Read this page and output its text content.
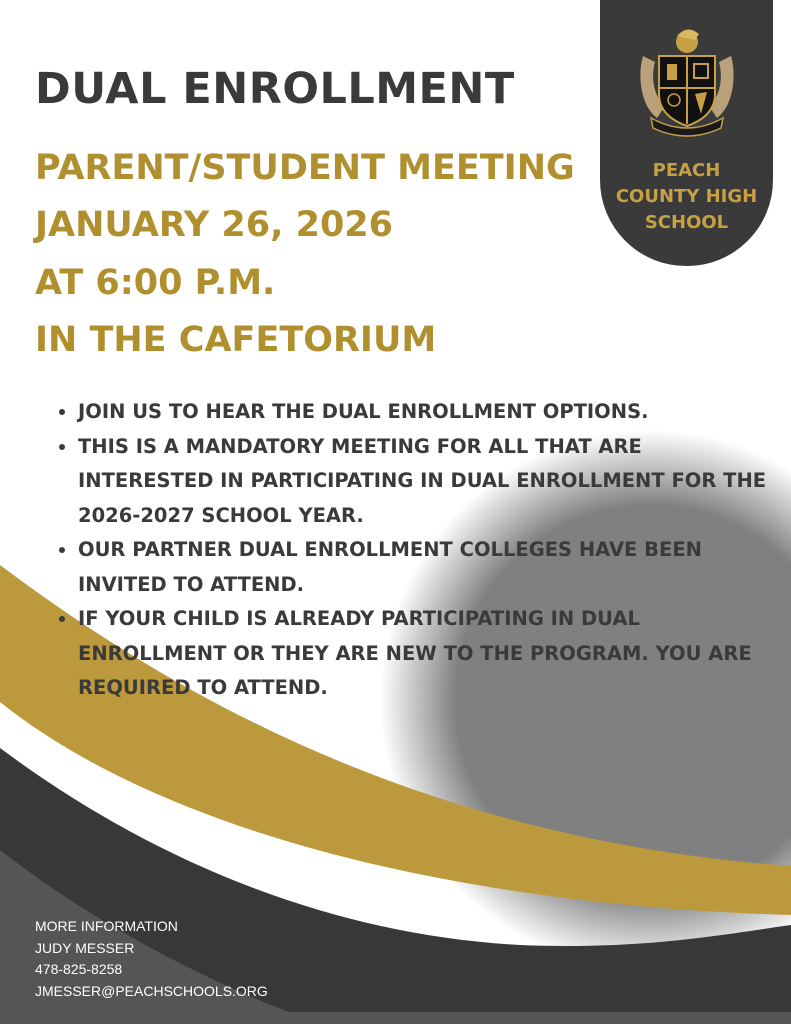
PEACH
COUNTY HIGH
SCHOOL
DUAL ENROLLMENT
PARENT/STUDENT MEETING
JANUARY 26, 2026
AT 6:00 P.M.
IN THE CAFETORIUM
• JOIN US TO HEAR THE DUAL ENROLLMENT OPTIONS.
• THIS IS A MANDATORY MEETING FOR ALL THAT ARE INTERESTED IN PARTICIPATING IN DUAL ENROLLMENT FOR THE 2026-2027 SCHOOL YEAR.
• OUR PARTNER DUAL ENROLLMENT COLLEGES HAVE BEEN INVITED TO ATTEND.
• IF YOUR CHILD IS ALREADY PARTICIPATING IN DUAL ENROLLMENT OR THEY ARE NEW TO THE PROGRAM. YOU ARE REQUIRED TO ATTEND.
MORE INFORMATION
JUDY MESSER
478-825-8258
JMESSER@PEACHSCHOOLS.ORG
